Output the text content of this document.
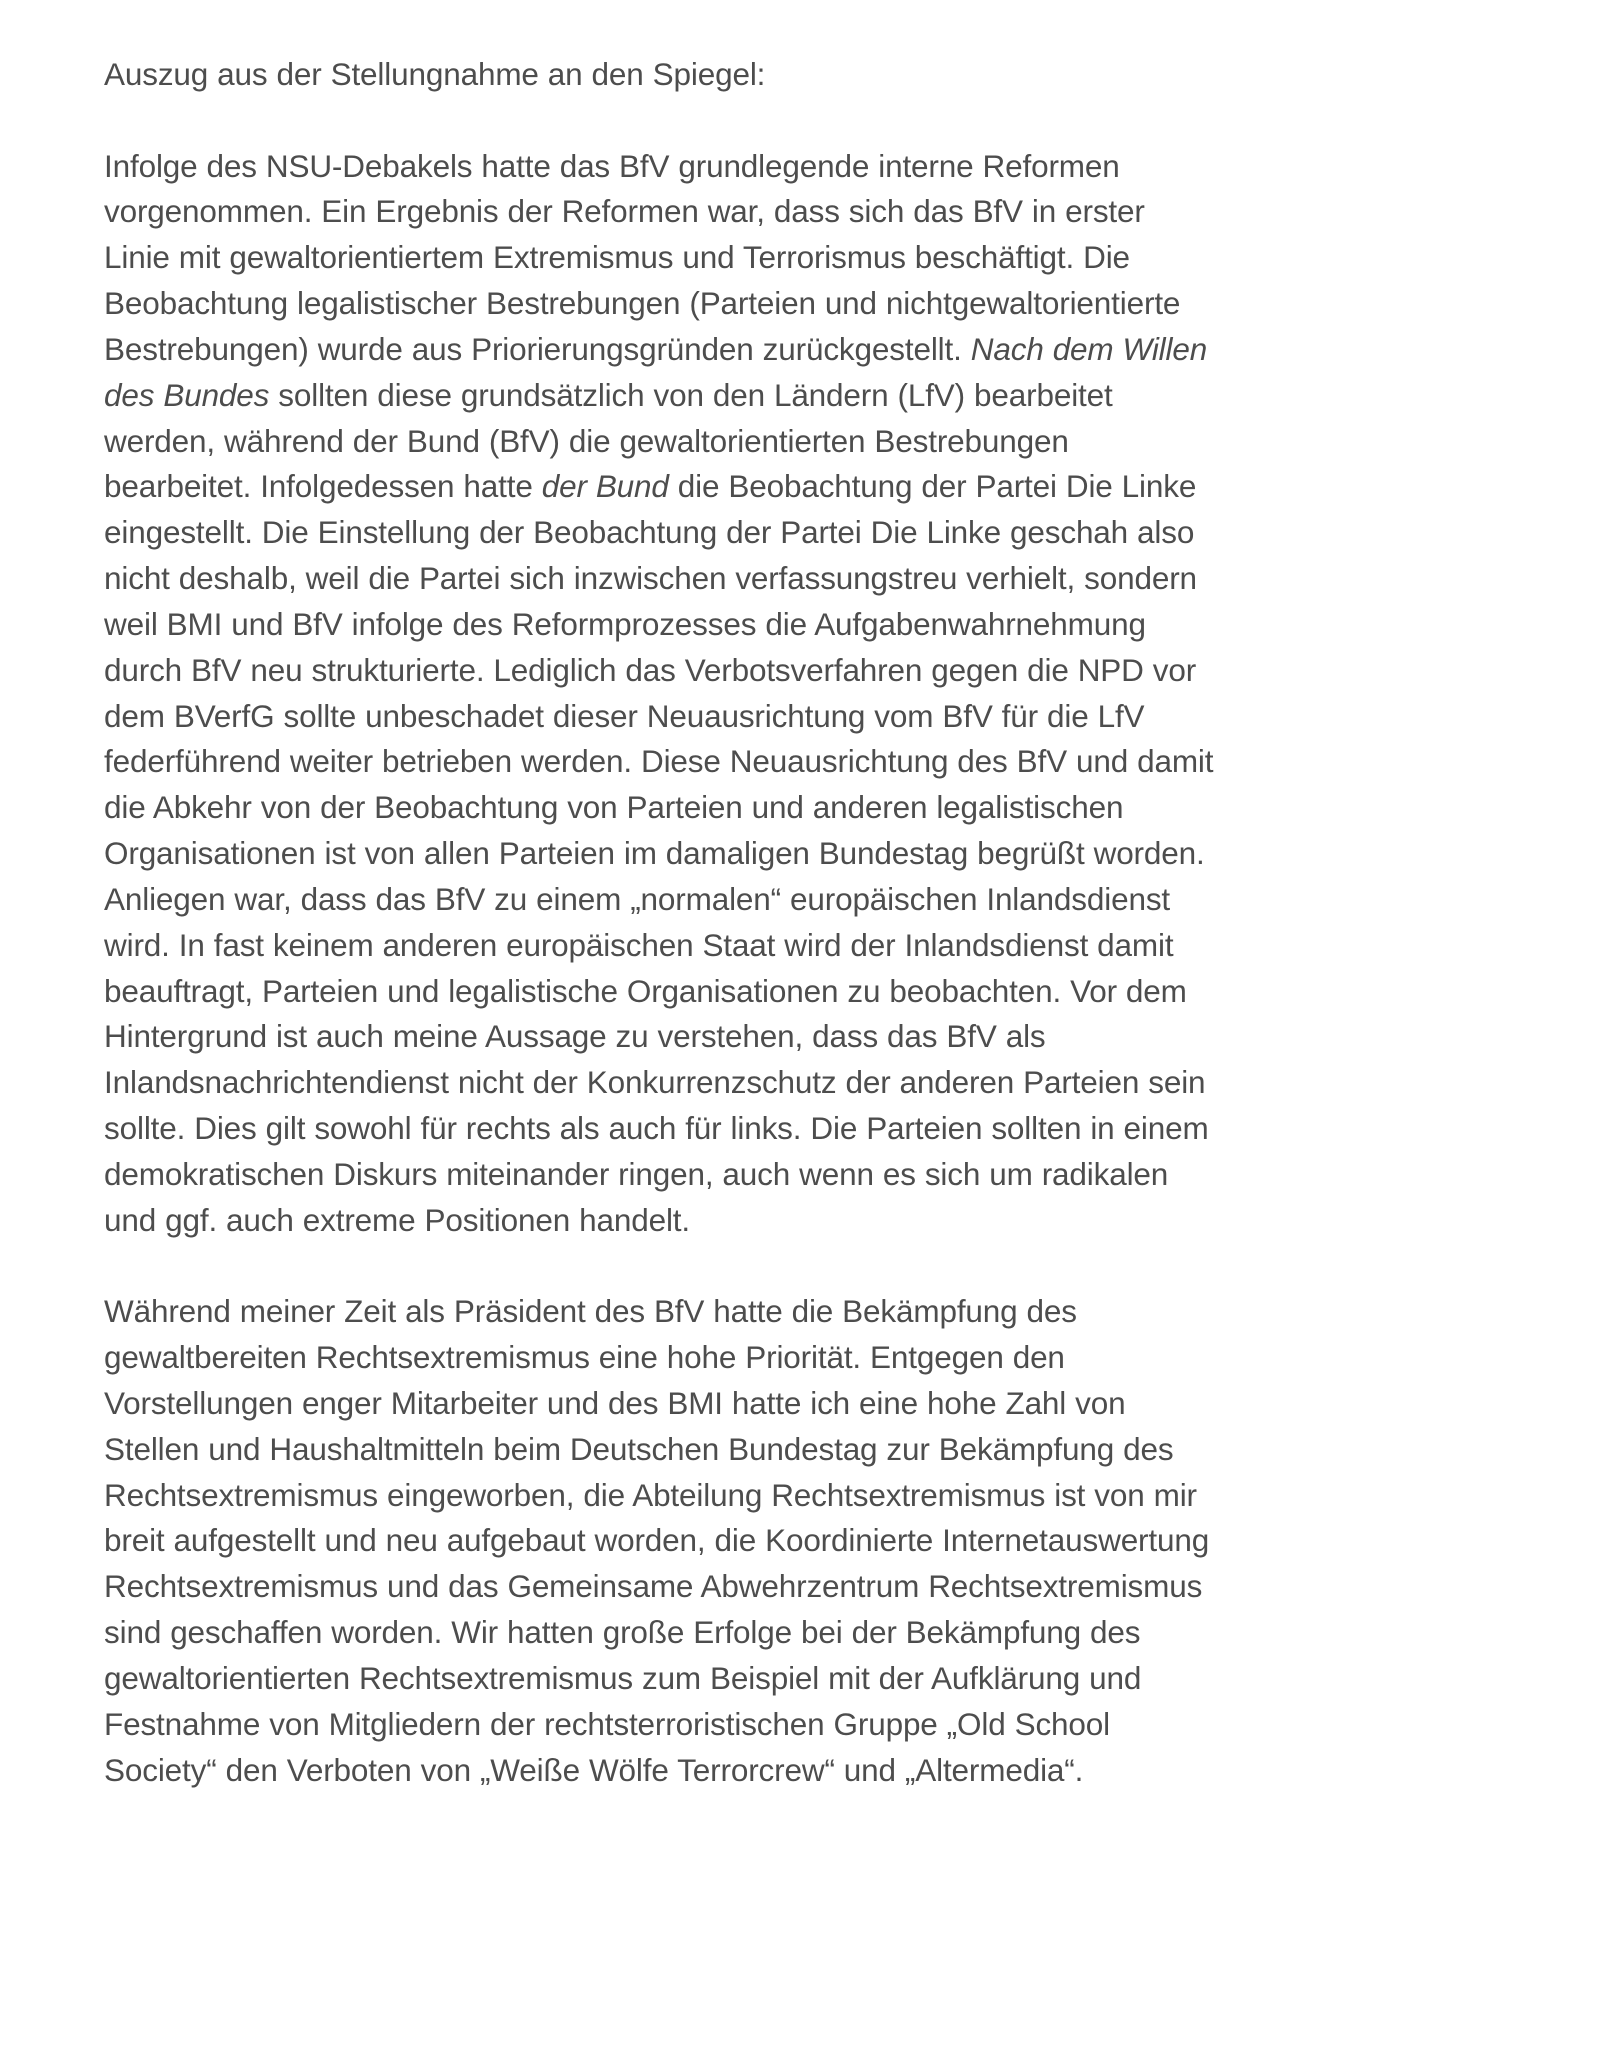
Auszug aus der Stellungnahme an den Spiegel:

Infolge des NSU-Debakels hatte das BfV grundlegende interne Reformen vorgenommen. Ein Ergebnis der Reformen war, dass sich das BfV in erster Linie mit gewaltorientiertem Extremismus und Terrorismus beschäftigt. Die Beobachtung legalistischer Bestrebungen (Parteien und nichtgewaltorientierte Bestrebungen) wurde aus Priorierungsgründen zurückgestellt. Nach dem Willen des Bundes sollten diese grundsätzlich von den Ländern (LfV) bearbeitet werden, während der Bund (BfV) die gewaltorientierten Bestrebungen bearbeitet. Infolgedessen hatte der Bund die Beobachtung der Partei Die Linke eingestellt. Die Einstellung der Beobachtung der Partei Die Linke geschah also nicht deshalb, weil die Partei sich inzwischen verfassungstreu verhielt, sondern weil BMI und BfV infolge des Reformprozesses die Aufgabenwahrnehmung durch BfV neu strukturierte. Lediglich das Verbotsverfahren gegen die NPD vor dem BVerfG sollte unbeschadet dieser Neuausrichtung vom BfV für die LfV federführend weiter betrieben werden. Diese Neuausrichtung des BfV und damit die Abkehr von der Beobachtung von Parteien und anderen legalistischen Organisationen ist von allen Parteien im damaligen Bundestag begrüßt worden. Anliegen war, dass das BfV zu einem „normalen“ europäischen Inlandsdienst wird. In fast keinem anderen europäischen Staat wird der Inlandsdienst damit beauftragt, Parteien und legalistische Organisationen zu beobachten. Vor dem Hintergrund ist auch meine Aussage zu verstehen, dass das BfV als Inlandsnachrichtendienst nicht der Konkurrenzschutz der anderen Parteien sein sollte. Dies gilt sowohl für rechts als auch für links. Die Parteien sollten in einem demokratischen Diskurs miteinander ringen, auch wenn es sich um radikalen und ggf. auch extreme Positionen handelt.

Während meiner Zeit als Präsident des BfV hatte die Bekämpfung des gewaltbereiten Rechtsextremismus eine hohe Priorität. Entgegen den Vorstellungen enger Mitarbeiter und des BMI hatte ich eine hohe Zahl von Stellen und Haushaltmitteln beim Deutschen Bundestag zur Bekämpfung des Rechtsextremismus eingeworben, die Abteilung Rechtsextremismus ist von mir breit aufgestellt und neu aufgebaut worden, die Koordinierte Internetauswertung Rechtsextremismus und das Gemeinsame Abwehrzentrum Rechtsextremismus sind geschaffen worden. Wir hatten große Erfolge bei der Bekämpfung des gewaltorientierten Rechtsextremismus zum Beispiel mit der Aufklärung und Festnahme von Mitgliedern der rechtsterroristischen Gruppe „Old School Society“ den Verboten von „Weiße Wölfe Terrorcrew“ und „Altermedia“.
